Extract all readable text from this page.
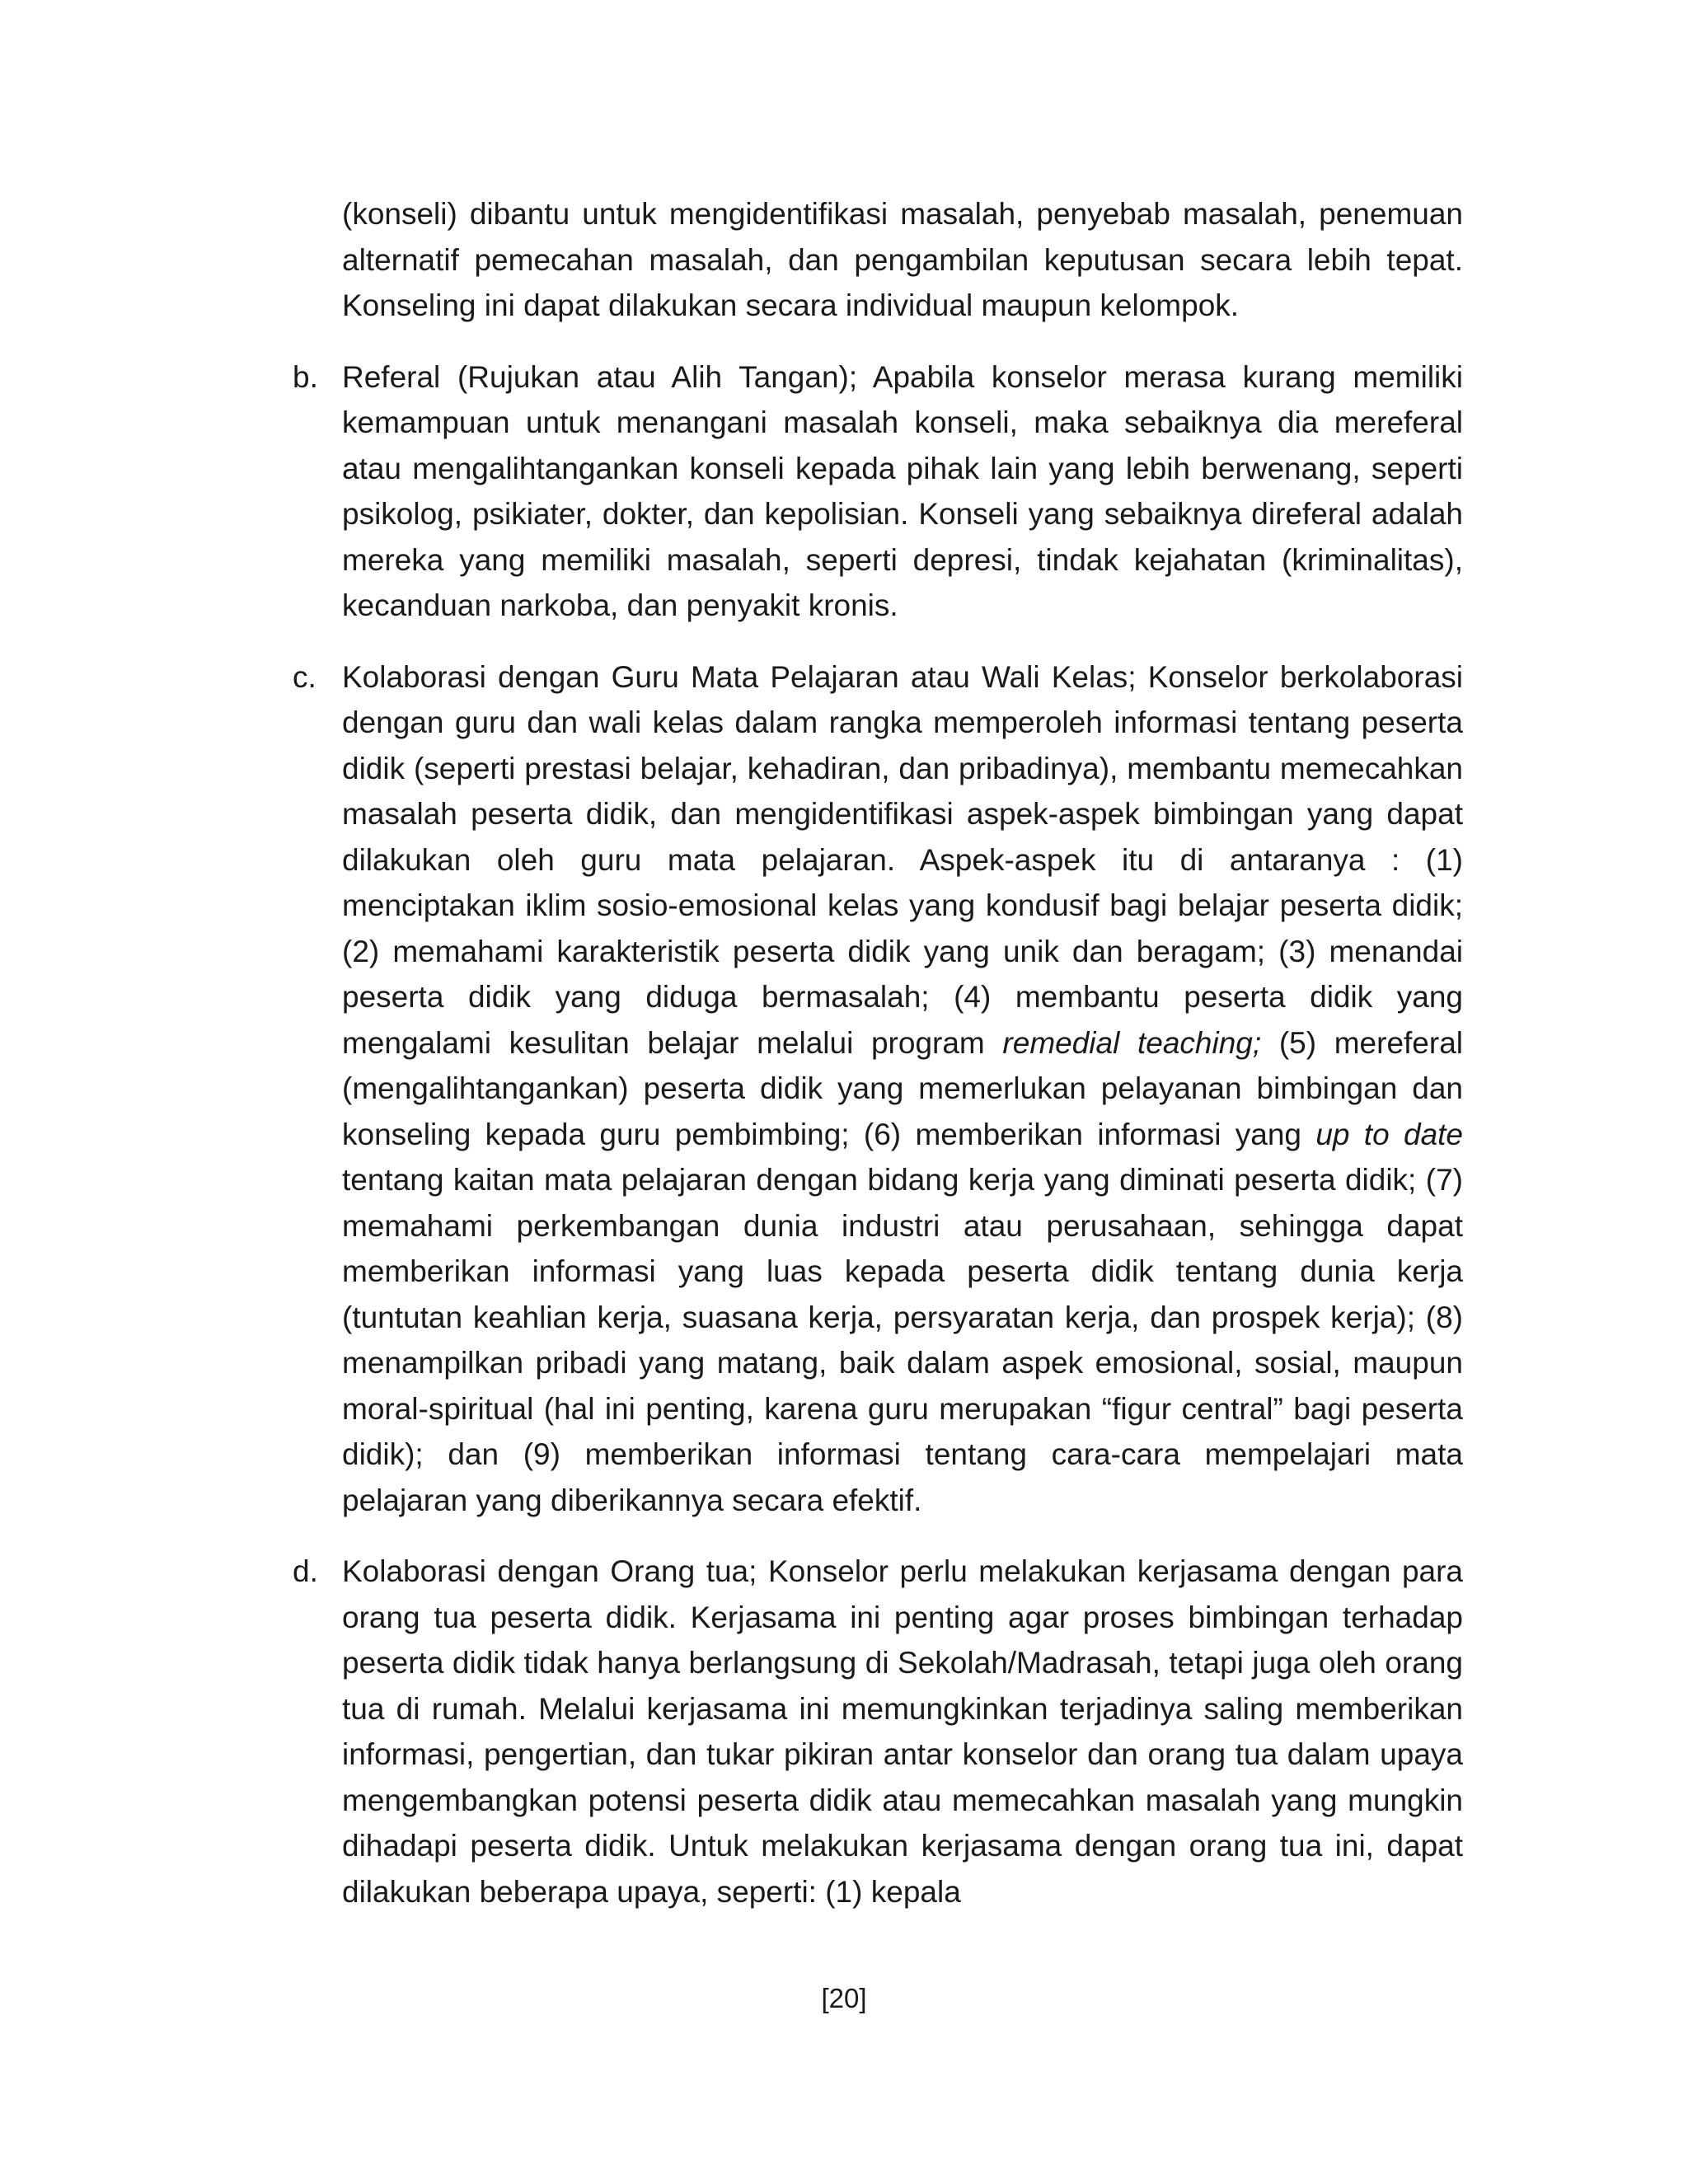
(konseli) dibantu untuk mengidentifikasi masalah, penyebab masalah, penemuan alternatif pemecahan masalah, dan pengambilan keputusan secara lebih tepat. Konseling ini dapat dilakukan secara individual maupun kelompok.

b. Referal (Rujukan atau Alih Tangan); Apabila konselor merasa kurang memiliki kemampuan untuk menangani masalah konseli, maka sebaiknya dia mereferal atau mengalihtangankan konseli kepada pihak lain yang lebih berwenang, seperti psikolog, psikiater, dokter, dan kepolisian. Konseli yang sebaiknya direferal adalah mereka yang memiliki masalah, seperti depresi, tindak kejahatan (kriminalitas), kecanduan narkoba, dan penyakit kronis.

c. Kolaborasi dengan Guru Mata Pelajaran atau Wali Kelas; Konselor berkolaborasi dengan guru dan wali kelas dalam rangka memperoleh informasi tentang peserta didik (seperti prestasi belajar, kehadiran, dan pribadinya), membantu memecahkan masalah peserta didik, dan mengidentifikasi aspek-aspek bimbingan yang dapat dilakukan oleh guru mata pelajaran. Aspek-aspek itu di antaranya : (1) menciptakan iklim sosio-emosional kelas yang kondusif bagi belajar peserta didik; (2) memahami karakteristik peserta didik yang unik dan beragam; (3) menandai peserta didik yang diduga bermasalah; (4) membantu peserta didik yang mengalami kesulitan belajar melalui program remedial teaching; (5) mereferal (mengalihtangankan) peserta didik yang memerlukan pelayanan bimbingan dan konseling kepada guru pembimbing; (6) memberikan informasi yang up to date tentang kaitan mata pelajaran dengan bidang kerja yang diminati peserta didik; (7) memahami perkembangan dunia industri atau perusahaan, sehingga dapat memberikan informasi yang luas kepada peserta didik tentang dunia kerja (tuntutan keahlian kerja, suasana kerja, persyaratan kerja, dan prospek kerja); (8) menampilkan pribadi yang matang, baik dalam aspek emosional, sosial, maupun moral-spiritual (hal ini penting, karena guru merupakan “figur central” bagi peserta didik); dan (9) memberikan informasi tentang cara-cara mempelajari mata pelajaran yang diberikannya secara efektif.

d. Kolaborasi dengan Orang tua; Konselor perlu melakukan kerjasama dengan para orang tua peserta didik. Kerjasama ini penting agar proses bimbingan terhadap peserta didik tidak hanya berlangsung di Sekolah/Madrasah, tetapi juga oleh orang tua di rumah. Melalui kerjasama ini memungkinkan terjadinya saling memberikan informasi, pengertian, dan tukar pikiran antar konselor dan orang tua dalam upaya mengembangkan potensi peserta didik atau memecahkan masalah yang mungkin dihadapi peserta didik. Untuk melakukan kerjasama dengan orang tua ini, dapat dilakukan beberapa upaya, seperti: (1) kepala

[20]
